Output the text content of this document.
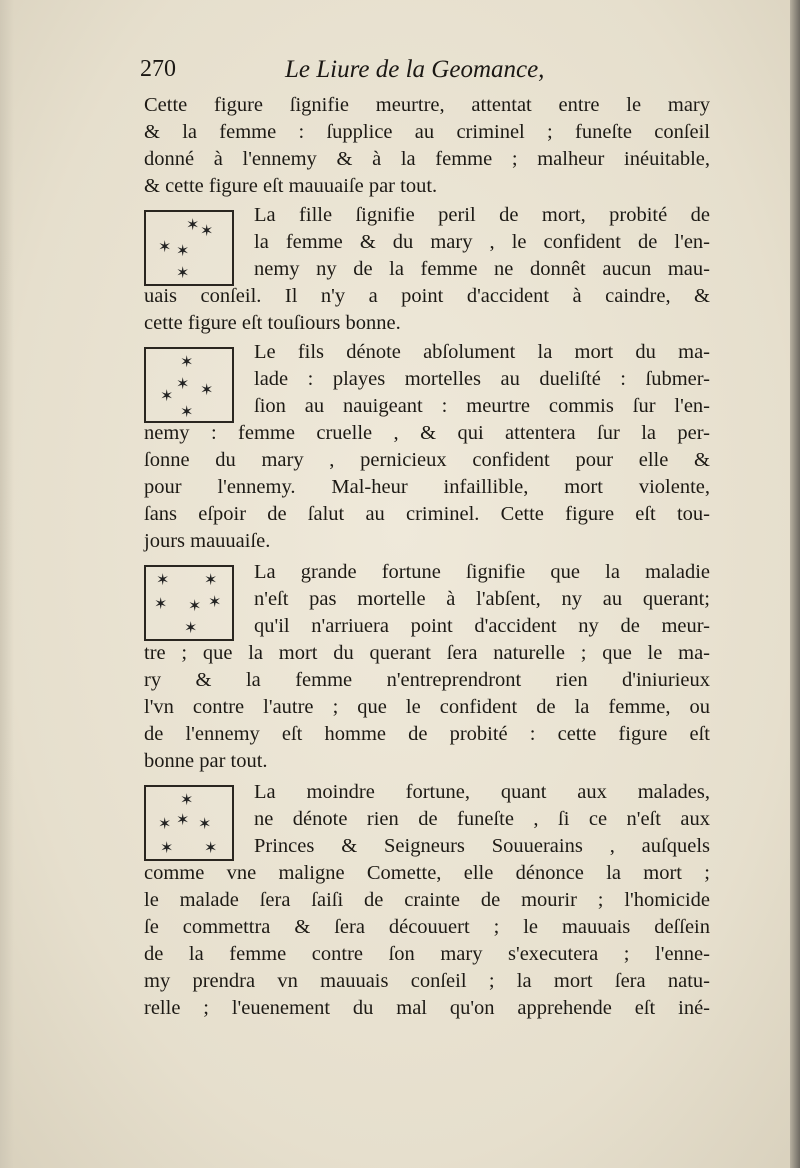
270	Le Liure de la Geomance,
Cette figure ſignifie meurtre, attentat entre le mary
& la femme : ſupplice au criminel ; funeſte conſeil
donné à l'ennemy & à la femme ; malheur inéuitable,
& cette figure eſt mauuaiſe par tout.
✶ ✶
✶ ✶
✶
La fille ſignifie peril de mort, probité de
la femme & du mary , le confident de l'en-
nemy ny de la femme ne donnêt aucun mau-
uais conſeil. Il n'y a point d'accident à caindre, &
cette figure eſt touſiours bonne.
✶
✶ ✶
✶
✶
Le fils dénote abſolument la mort du ma-
lade : playes mortelles au dueliſté : ſubmer-
ſion au nauigeant : meurtre commis ſur l'en-
nemy : femme cruelle , & qui attentera ſur la per-
ſonne du mary , pernicieux confident pour elle &
pour l'ennemy. Mal-heur infaillible, mort violente,
ſans eſpoir de ſalut au criminel. Cette figure eſt tou-
jours mauuaiſe.
✶ ✶
✶ ✶ ✶
✶
La grande fortune ſignifie que la maladie
n'eſt pas mortelle à l'abſent, ny au querant;
qu'il n'arriuera point d'accident ny de meur-
tre ; que la mort du querant ſera naturelle ; que le ma-
ry & la femme n'entreprendront rien d'iniurieux
l'vn contre l'autre ; que le confident de la femme, ou
de l'ennemy eſt homme de probité : cette figure eſt
bonne par tout.
✶
✶ ✶ ✶
✶ ✶
La moindre fortune, quant aux malades,
ne dénote rien de funeſte , ſi ce n'eſt aux
Princes & Seigneurs Souuerains , auſquels
comme vne maligne Comette, elle dénonce la mort ;
le malade ſera ſaiſi de crainte de mourir ; l'homicide
ſe commettra & ſera découuert ; le mauuais deſſein
de la femme contre ſon mary s'executera ; l'enne-
my prendra vn mauuais conſeil ; la mort ſera natu-
relle ; l'euenement du mal qu'on apprehende eſt iné-
